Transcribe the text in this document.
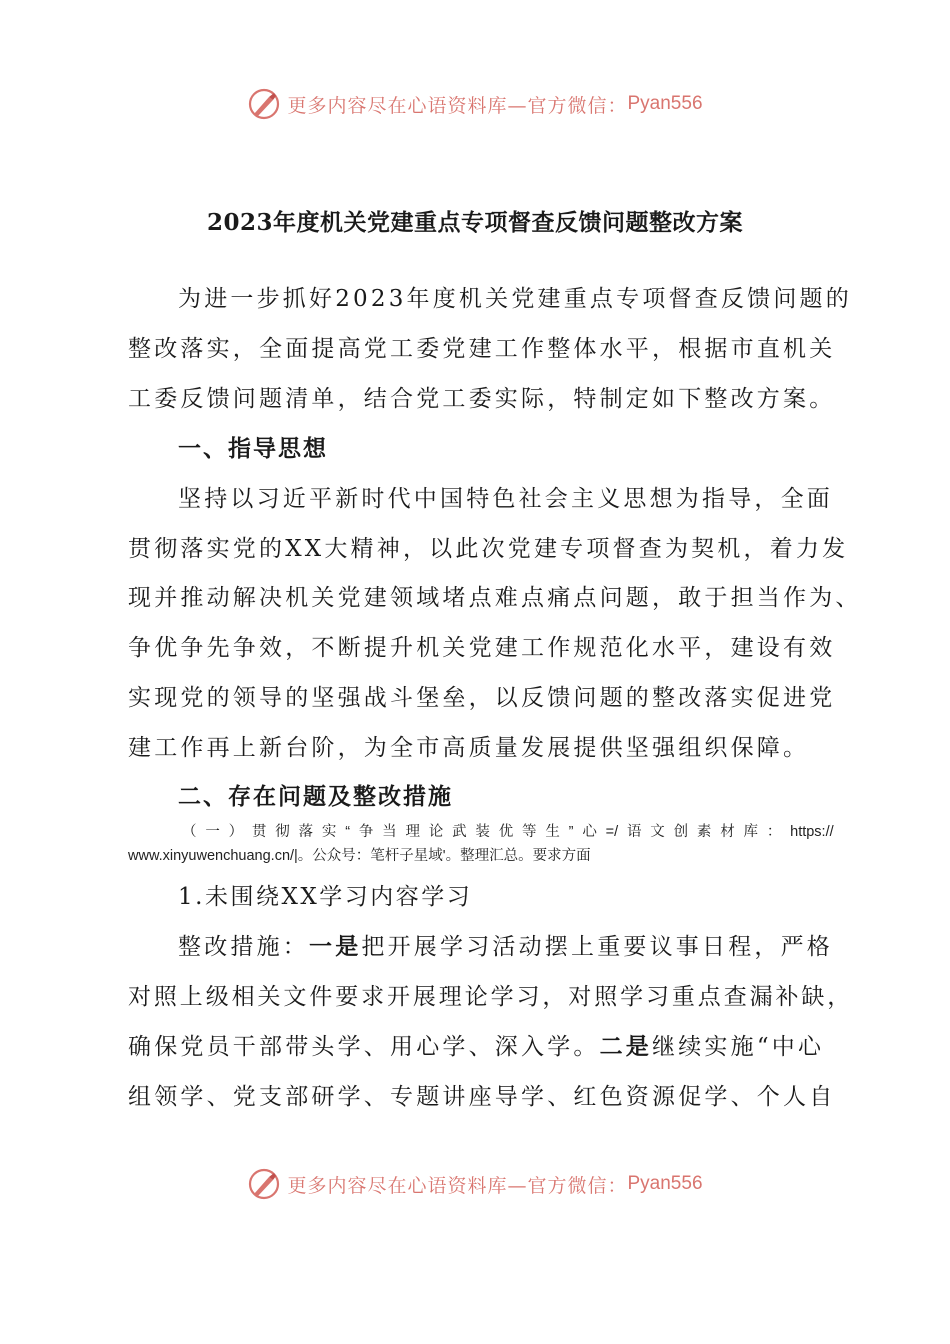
更多内容尽在心语资料库—官方微信： Pyan556
2023年度机关党建重点专项督查反馈问题整改方案
为进一步抓好2023年度机关党建重点专项督查反馈问题的
整改落实，全面提高党工委党建工作整体水平，根据市直机关
工委反馈问题清单，结合党工委实际，特制定如下整改方案。
一、指导思想
坚持以习近平新时代中国特色社会主义思想为指导，全面
贯彻落实党的XX大精神，以此次党建专项督查为契机，着力发
现并推动解决机关党建领域堵点难点痛点问题，敢于担当作为、
争优争先争效，不断提升机关党建工作规范化水平，建设有效
实现党的领导的坚强战斗堡垒，以反馈问题的整改落实促进党
建工作再上新台阶，为全市高质量发展提供坚强组织保障。
二、存在问题及整改措施
（ 一 ） 贯 彻 落 实 “ 争 当 理 论 武 装 优 等 生 ” 心 =/ 语 文 创 素 材 库 ： https://
www.xinyuwenchuang.cn/|。公众号：笔杆子星域'。整理汇总。要求方面
1.未围绕XX学习内容学习
整改措施：一是把开展学习活动摆上重要议事日程，严格
对照上级相关文件要求开展理论学习，对照学习重点查漏补缺，
确保党员干部带头学、用心学、深入学。二是继续实施“中心
组领学、党支部研学、专题讲座导学、红色资源促学、个人自
更多内容尽在心语资料库—官方微信： Pyan556
